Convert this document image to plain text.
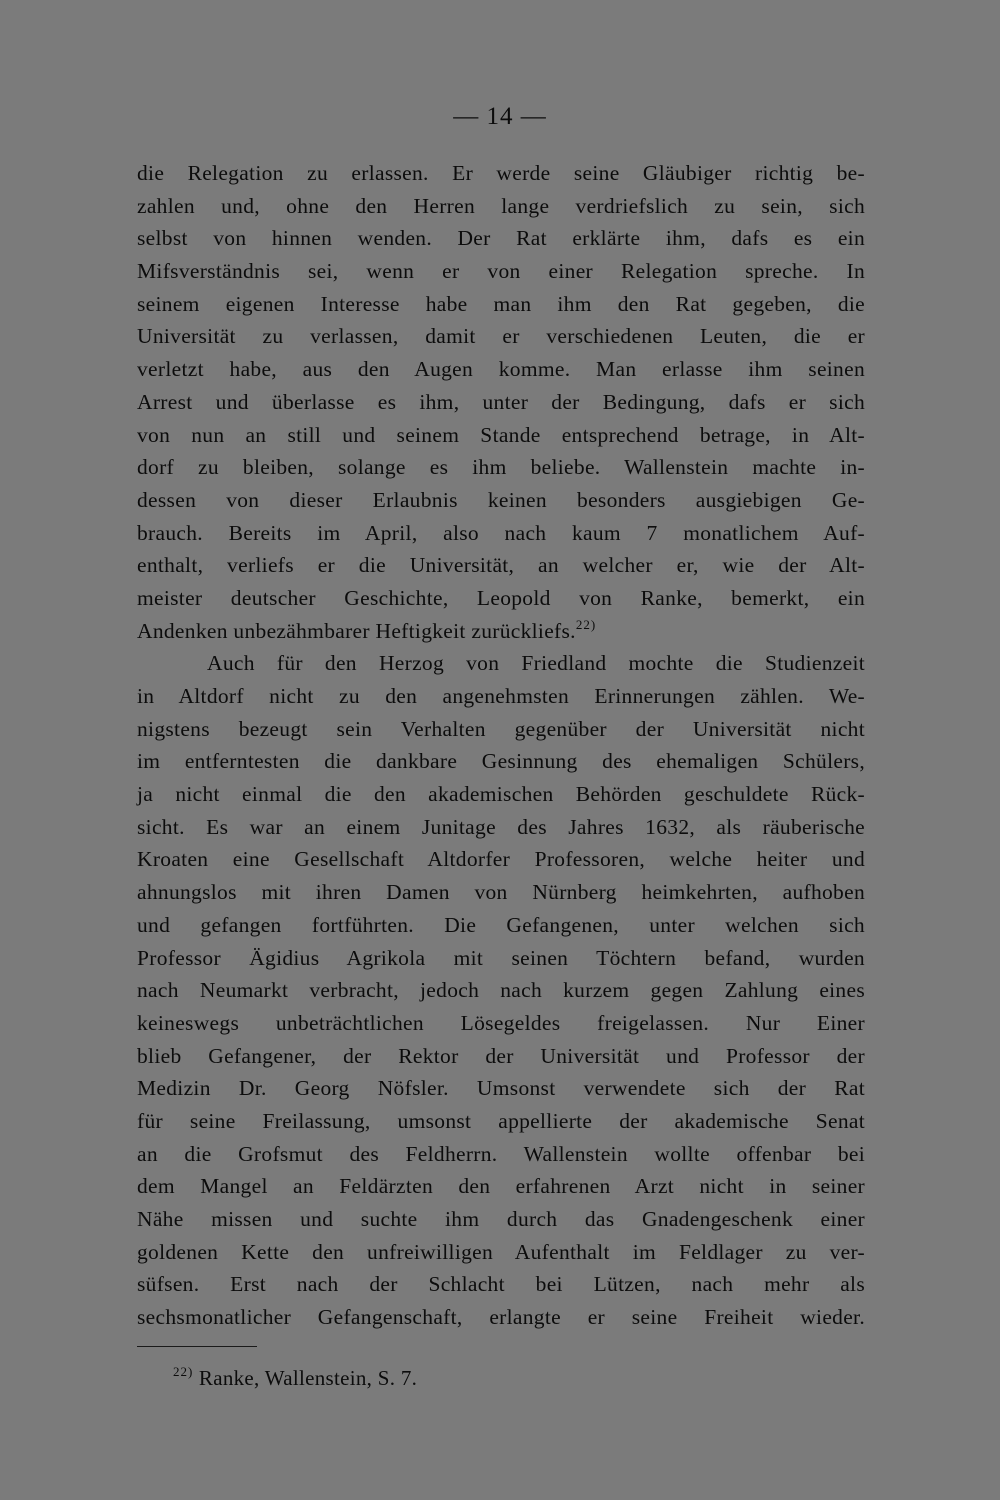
— 14 —
die Relegation zu erlassen. Er werde seine Gläubiger richtig be-
zahlen und, ohne den Herren lange verdriefslich zu sein, sich
selbst von hinnen wenden. Der Rat erklärte ihm, dafs es ein
Mifsverständnis sei, wenn er von einer Relegation spreche. In
seinem eigenen Interesse habe man ihm den Rat gegeben, die
Universität zu verlassen, damit er verschiedenen Leuten, die er
verletzt habe, aus den Augen komme. Man erlasse ihm seinen
Arrest und überlasse es ihm, unter der Bedingung, dafs er sich
von nun an still und seinem Stande entsprechend betrage, in Alt-
dorf zu bleiben, solange es ihm beliebe. Wallenstein machte in-
dessen von dieser Erlaubnis keinen besonders ausgiebigen Ge-
brauch. Bereits im April, also nach kaum 7 monatlichem Auf-
enthalt, verliefs er die Universität, an welcher er, wie der Alt-
meister deutscher Geschichte, Leopold von Ranke, bemerkt, ein
Andenken unbezähmbarer Heftigkeit zurückliefs.$^{22)}$
Auch für den Herzog von Friedland mochte die Studienzeit
in Altdorf nicht zu den angenehmsten Erinnerungen zählen. We-
nigstens bezeugt sein Verhalten gegenüber der Universität nicht
im entferntesten die dankbare Gesinnung des ehemaligen Schülers,
ja nicht einmal die den akademischen Behörden geschuldete Rück-
sicht. Es war an einem Junitage des Jahres 1632, als räuberische
Kroaten eine Gesellschaft Altdorfer Professoren, welche heiter und
ahnungslos mit ihren Damen von Nürnberg heimkehrten, aufhoben
und gefangen fortführten. Die Gefangenen, unter welchen sich
Professor Ägidius Agrikola mit seinen Töchtern befand, wurden
nach Neumarkt verbracht, jedoch nach kurzem gegen Zahlung eines
keineswegs unbeträchtlichen Lösegeldes freigelassen. Nur Einer
blieb Gefangener, der Rektor der Universität und Professor der
Medizin Dr. Georg Nöfsler. Umsonst verwendete sich der Rat
für seine Freilassung, umsonst appellierte der akademische Senat
an die Grofsmut des Feldherrn. Wallenstein wollte offenbar bei
dem Mangel an Feldärzten den erfahrenen Arzt nicht in seiner
Nähe missen und suchte ihm durch das Gnadengeschenk einer
goldenen Kette den unfreiwilligen Aufenthalt im Feldlager zu ver-
süfsen. Erst nach der Schlacht bei Lützen, nach mehr als
sechsmonatlicher Gefangenschaft, erlangte er seine Freiheit wieder.
$^{22)}$ Ranke, Wallenstein, S. 7.
